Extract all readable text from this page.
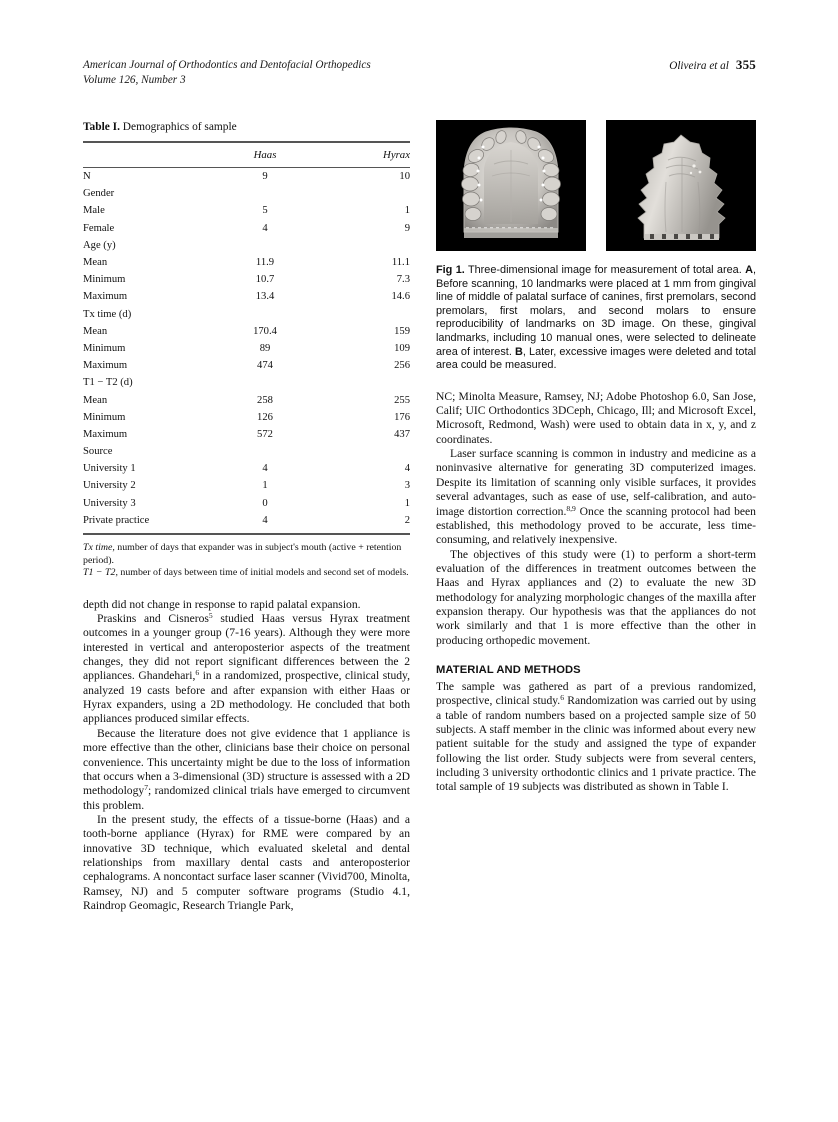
American Journal of Orthodontics and Dentofacial Orthopedics
Volume 126, Number 3
Oliveira et al 355
Table I. Demographics of sample
	Haas	Hyrax
N	9	10
Gender		
Male	5	1
Female	4	9
Age (y)		
Mean	11.9	11.1
Minimum	10.7	7.3
Maximum	13.4	14.6
Tx time (d)		
Mean	170.4	159
Minimum	89	109
Maximum	474	256
T1 − T2 (d)		
Mean	258	255
Minimum	126	176
Maximum	572	437
Source		
University 1	4	4
University 2	1	3
University 3	0	1
Private practice	4	2

Tx time, number of days that expander was in subject's mouth (active + retention period).

T1 − T2, number of days between time of initial models and second set of models.

depth did not change in response to rapid palatal expansion.

Praskins and Cisneros$^5$ studied Haas versus Hyrax treatment outcomes in a younger group (7-16 years). Although they were more interested in vertical and anteroposterior aspects of the treatment changes, they did not report significant differences between the 2 appliances. Ghandehari,$^6$ in a randomized, prospective, clinical study, analyzed 19 casts before and after expansion with either Haas or Hyrax expanders, using a 2D methodology. He concluded that both appliances produced similar effects.

Because the literature does not give evidence that 1 appliance is more effective than the other, clinicians base their choice on personal convenience. This uncertainty might be due to the loss of information that occurs when a 3-dimensional (3D) structure is assessed with a 2D methodology$^7$; randomized clinical trials have emerged to circumvent this problem.

In the present study, the effects of a tissue-borne (Haas) and a tooth-borne appliance (Hyrax) for RME were compared by an innovative 3D technique, which evaluated skeletal and dental relationships from maxillary dental casts and anteroposterior cephalograms. A noncontact surface laser scanner (Vivid700, Minolta, Ramsey, NJ) and 5 computer software programs (Studio 4.1, Raindrop Geomagic, Research Triangle Park,

Fig 1. Three-dimensional image for measurement of total area. A, Before scanning, 10 landmarks were placed at 1 mm from gingival line of middle of palatal surface of canines, first premolars, second premolars, first molars, and second molars to ensure reproducibility of landmarks on 3D image. On these, gingival landmarks, including 10 manual ones, were selected to delineate area of interest. B, Later, excessive images were deleted and total area could be measured.

NC; Minolta Measure, Ramsey, NJ; Adobe Photoshop 6.0, San Jose, Calif; UIC Orthodontics 3DCeph, Chicago, Ill; and Microsoft Excel, Microsoft, Redmond, Wash) were used to obtain data in x, y, and z coordinates.

Laser surface scanning is common in industry and medicine as a noninvasive alternative for generating 3D computerized images. Despite its limitation of scanning only visible surfaces, it provides several advantages, such as ease of use, self-calibration, and auto-image distortion correction.$^{8,9}$ Once the scanning protocol had been established, this methodology proved to be accurate, less time-consuming, and relatively inexpensive.

The objectives of this study were (1) to perform a short-term evaluation of the differences in treatment outcomes between the Haas and Hyrax appliances and (2) to evaluate the new 3D methodology for analyzing morphologic changes of the maxilla after expansion therapy. Our hypothesis was that the appliances do not work similarly and that 1 is more effective than the other in producing orthopedic movement.

MATERIAL AND METHODS

The sample was gathered as part of a previous randomized, prospective, clinical study.$^6$ Randomization was carried out by using a table of random numbers based on a projected sample size of 50 subjects. A staff member in the clinic was informed about every new patient suitable for the study and assigned the type of expander following the list order. Study subjects were from several centers, including 3 university orthodontic clinics and 1 private practice. The total sample of 19 subjects was distributed as shown in Table I.
